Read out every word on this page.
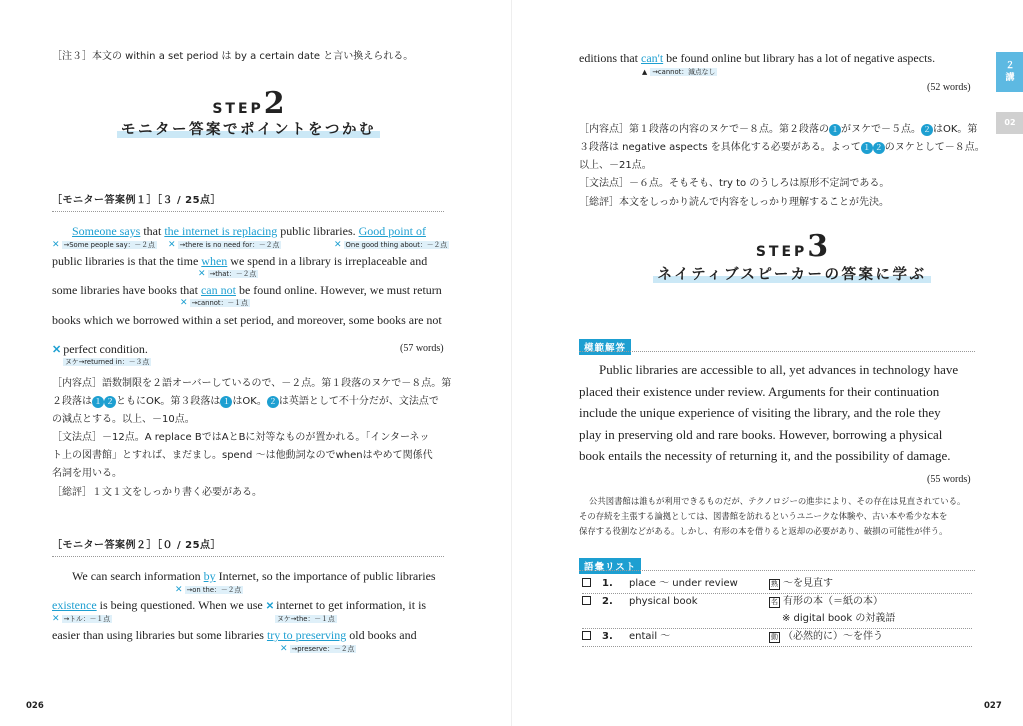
［注３］本文の within a set period は by a certain date と言い換えられる。
STEP2
モニター答案でポイントをつかむ
［モニター答案例１］［３ / 25点］
Someone says that the internet is replacing public libraries. Good point of
✕ →Some people say：－２点 ✕ →there is no need for：－２点	✕ One good thing about：－２点
public libraries is that the time when we spend in a library is irreplaceable and
✕ →that：－２点
some libraries have books that can not be found online. However, we must return
✕ →cannot：－１点
books which we borrowed within a set period, and moreover, some books are not
✕ perfect condition.	(57 words)
ヌケ→returned in：－３点
［内容点］語数制限を２語オーバーしているので、－２点。第１段落のヌケで－８点。第
２段落は １ ２ ともにOK。第３段落は １ はOK。 ２ は英語として不十分だが、文法点で
の減点とする。以上、－10点。
［文法点］－12点。A replace BではAとBに対等なものが置かれる。「インターネッ
ト上の図書館」とすれば、まだまし。spend ～は他動詞なのでwhenはやめて関係代
名詞を用いる。
［総評］１文１文をしっかり書く必要がある。
［モニター答案例２］［０ / 25点］
We can search information by Internet, so the importance of public libraries
✕ →on the：－２点
existence is being questioned. When we use ✕ internet to get information, it is
✕ →トル：－１点	ヌケ→the：－１点
easier than using libraries but some libraries try to preserving old books and
✕ →preserve：－２点
026
editions that can't be found online but library has a lot of negative aspects.
▲ →cannot：減点なし
(52 words)
［内容点］第１段落の内容のヌケで－８点。第２段落の １ がヌケで－５点。 ２ はOK。第
３段落は negative aspects を具体化する必要がある。よって １ ２ のヌケとして－８点。
以上、－21点。
［文法点］－６点。そもそも、try to のうしろは原形不定詞である。
［総評］本文をしっかり読んで内容をしっかり理解することが先決。
STEP3
ネイティブスピーカーの答案に学ぶ
模範解答
Public libraries are accessible to all, yet advances in technology have
placed their existence under review. Arguments for their continuation
include the unique experience of visiting the library, and the role they
play in preserving old and rare books. However, borrowing a physical
book entails the necessity of returning it, and the possibility of damage.
(55 words)
公共図書館は誰もが利用できるものだが、テクノロジーの進歩により、その存在は見直されている。
その存続を主張する論拠としては、図書館を訪れるというユニークな体験や、古い本や希少な本を
保存する役割などがある。しかし、有形の本を借りると返却の必要があり、破損の可能性が伴う。
語彙リスト
1. place ～ under review	熟 ～を見直す
2. physical book	名 有形の本（＝紙の本）
※ digital book の対義語
3. entail ～	動 （必然的に）～を伴う
２
講
02
027
